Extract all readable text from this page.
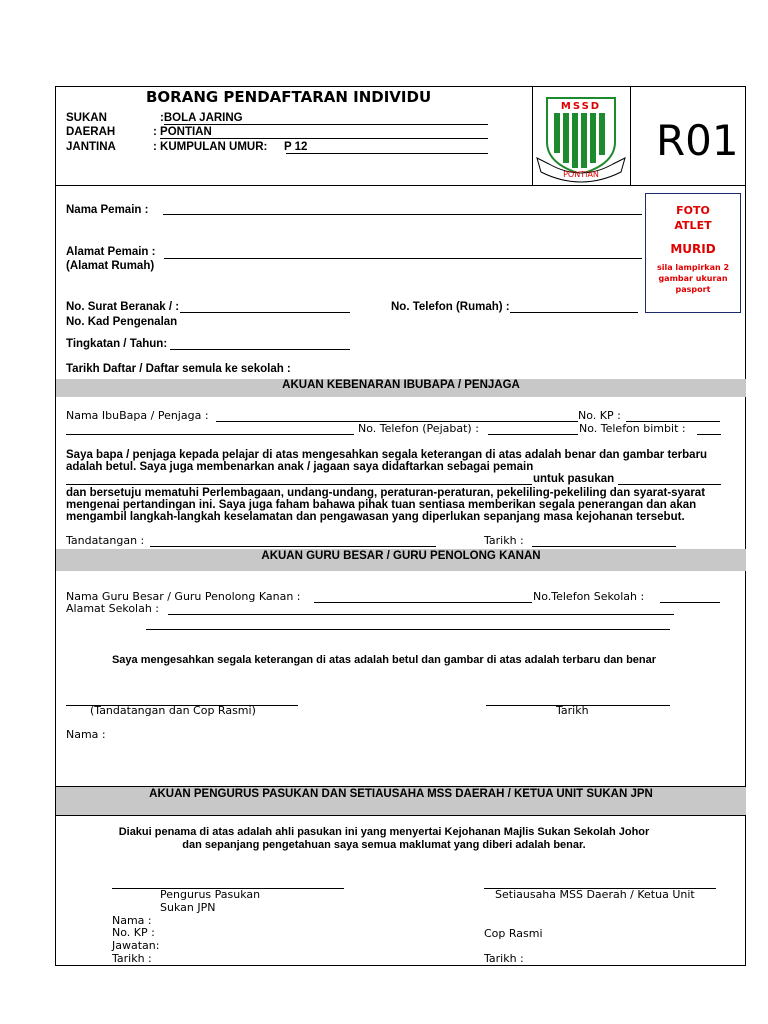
BORANG PENDAFTARAN INDIVIDU
SUKAN	:BOLA JARING
DAERAH	: PONTIAN
JANTINA	: KUMPULAN UMUR: P 12
MSSD
PONTIAN
R01
FOTO
ATLET
MURID
sila lampirkan 2
gambar ukuran
pasport
Nama Pemain :
Alamat Pemain :
(Alamat Rumah)
No. Surat Beranak / :	No. Telefon (Rumah) :
No. Kad Pengenalan
Tingkatan / Tahun:
Tarikh Daftar / Daftar semula ke sekolah :
AKUAN KEBENARAN IBUBAPA / PENJAGA
Nama IbuBapa / Penjaga :	No. KP :
No. Telefon (Pejabat) :	No. Telefon bimbit :
Saya bapa / penjaga kepada pelajar di atas mengesahkan segala keterangan di atas adalah benar dan gambar terbaru
adalah betul. Saya juga membenarkan anak / jagaan saya didaftarkan sebagai pemain
untuk pasukan
dan bersetuju mematuhi Perlembagaan, undang-undang, peraturan-peraturan, pekeliling-pekeliling dan syarat-syarat
mengenai pertandingan ini. Saya juga faham bahawa pihak tuan sentiasa memberikan segala penerangan dan akan
mengambil langkah-langkah keselamatan dan pengawasan yang diperlukan sepanjang masa kejohanan tersebut.
Tandatangan :	Tarikh :
AKUAN GURU BESAR / GURU PENOLONG KANAN
Nama Guru Besar / Guru Penolong Kanan :	No.Telefon Sekolah :
Alamat Sekolah :
Saya mengesahkan segala keterangan di atas adalah betul dan gambar di atas adalah terbaru dan benar
(Tandatangan dan Cop Rasmi)	Tarikh
Nama :
AKUAN PENGURUS PASUKAN DAN SETIAUSAHA MSS DAERAH / KETUA UNIT SUKAN JPN
Diakui penama di atas adalah ahli pasukan ini yang menyertai Kejohanan Majlis Sukan Sekolah Johor
dan sepanjang pengetahuan saya semua maklumat yang diberi adalah benar.
Pengurus Pasukan
Sukan JPN
Setiausaha MSS Daerah / Ketua Unit
Nama :
No. KP :
Jawatan:
Tarikh :
Cop Rasmi
Tarikh :
